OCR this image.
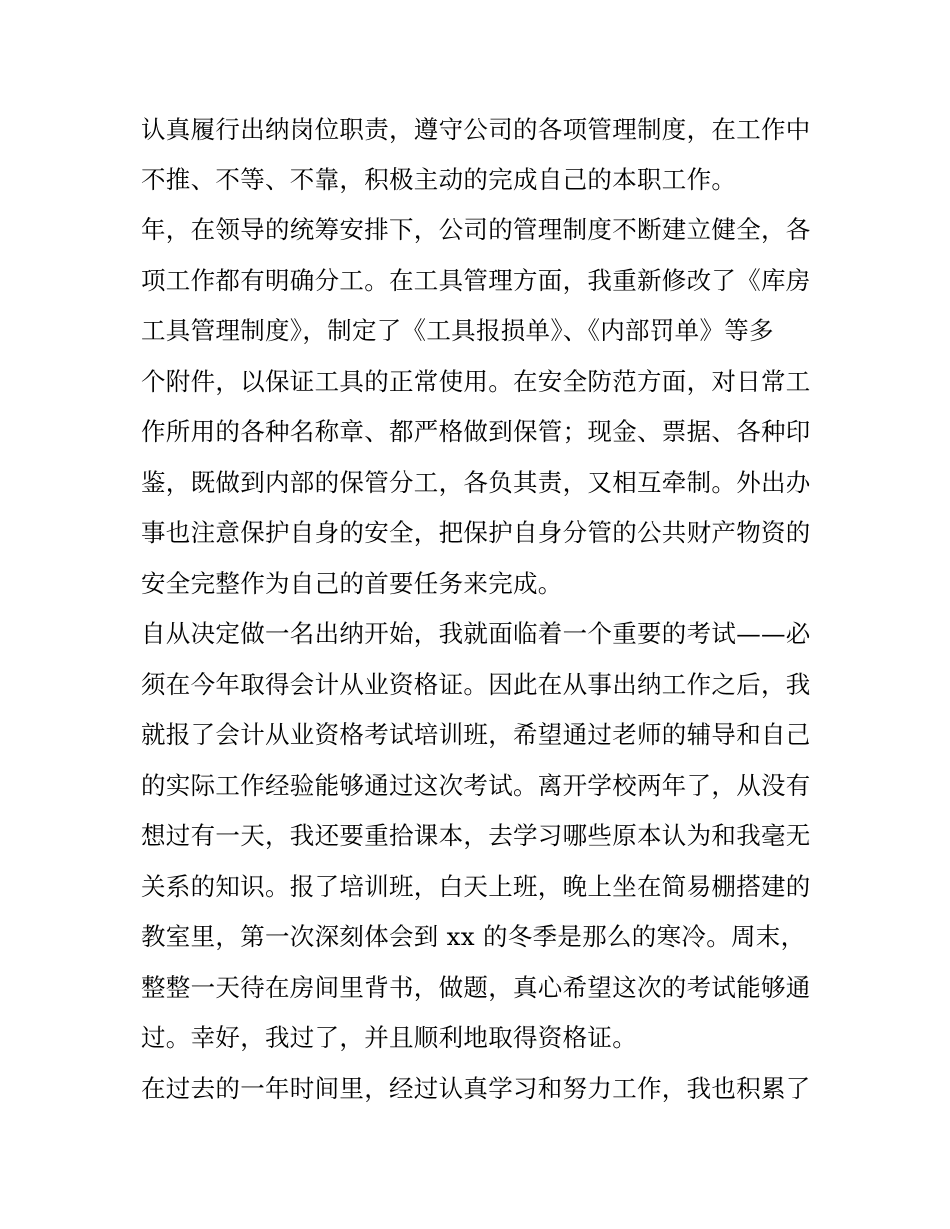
认真履行出纳岗位职责，遵守公司的各项管理制度，在工作中
不推、不等、不靠，积极主动的完成自己的本职工作。
年，在领导的统筹安排下，公司的管理制度不断建立健全，各
项工作都有明确分工。在工具管理方面，我重新修改了《库房
工具管理制度》，制定了《工具报损单》、《内部罚单》等多
个附件，以保证工具的正常使用。在安全防范方面，对日常工
作所用的各种名称章、都严格做到保管；现金、票据、各种印
鉴，既做到内部的保管分工，各负其责，又相互牵制。外出办
事也注意保护自身的安全，把保护自身分管的公共财产物资的
安全完整作为自己的首要任务来完成。
自从决定做一名出纳开始，我就面临着一个重要的考试——必
须在今年取得会计从业资格证。因此在从事出纳工作之后，我
就报了会计从业资格考试培训班，希望通过老师的辅导和自己
的实际工作经验能够通过这次考试。离开学校两年了，从没有
想过有一天，我还要重拾课本，去学习哪些原本认为和我毫无
关系的知识。报了培训班，白天上班，晚上坐在简易棚搭建的
教室里，第一次深刻体会到 xx 的冬季是那么的寒冷。周末，
整整一天待在房间里背书，做题，真心希望这次的考试能够通
过。幸好，我过了，并且顺利地取得资格证。
在过去的一年时间里，经过认真学习和努力工作，我也积累了
